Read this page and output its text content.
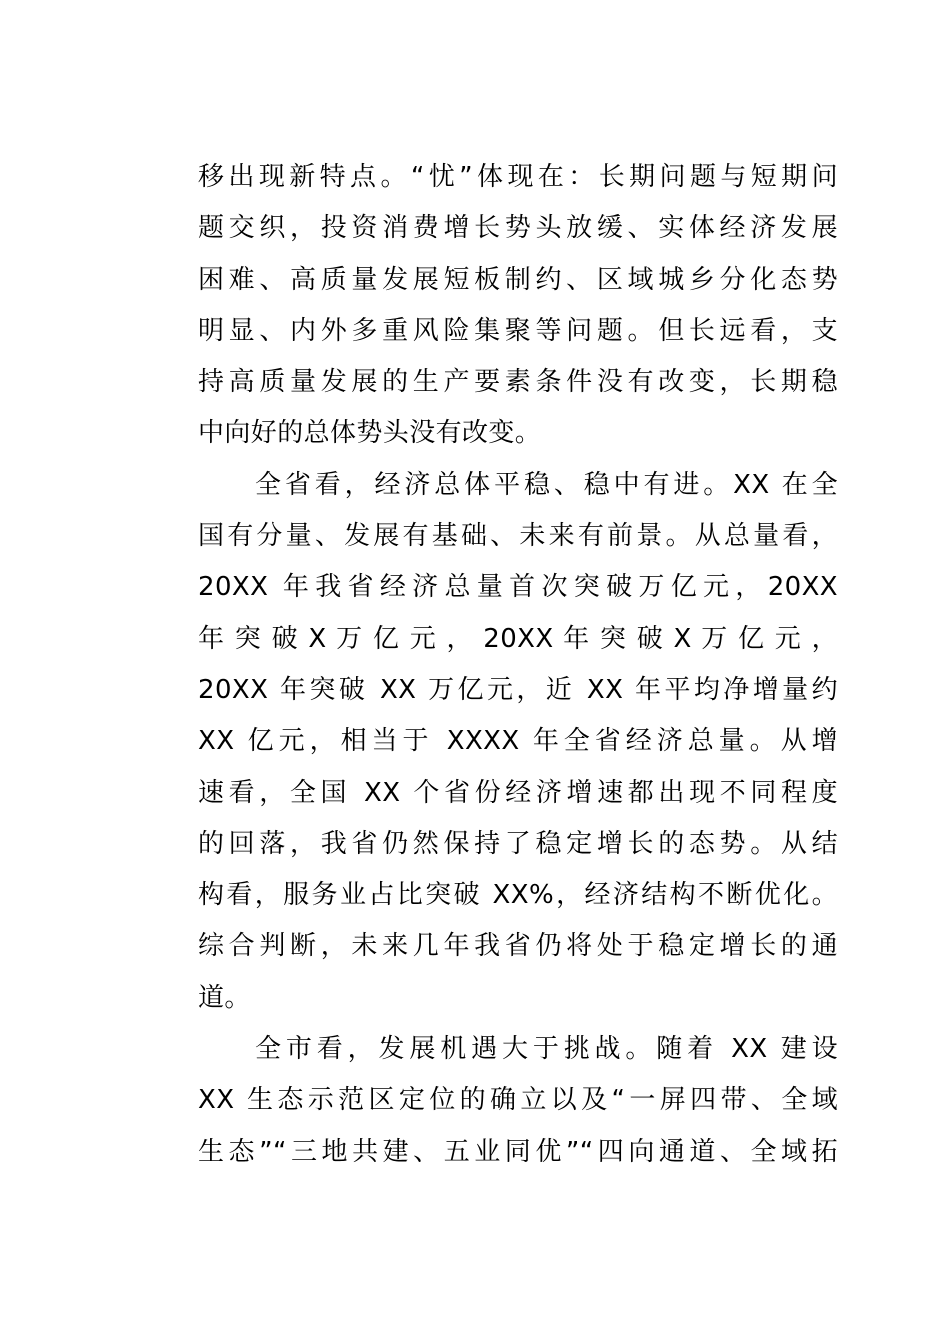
移出现新特点。“忧”体现在：长期问题与短期问
题交织，投资消费增长势头放缓、实体经济发展
困难、高质量发展短板制约、区域城乡分化态势
明显、内外多重风险集聚等问题。但长远看，支
持高质量发展的生产要素条件没有改变，长期稳
中向好的总体势头没有改变。
全省看，经济总体平稳、稳中有进。XX 在全
国有分量、发展有基础、未来有前景。从总量看，
20XX 年我省经济总量首次突破万亿元，20XX
年 突 破 X 万 亿 元 ， 20XX 年 突 破 X 万 亿 元 ，
20XX 年突破 XX 万亿元，近 XX 年平均净增量约
XX 亿元，相当于 XXXX 年全省经济总量。从增
速看，全国 XX 个省份经济增速都出现不同程度
的回落，我省仍然保持了稳定增长的态势。从结
构看，服务业占比突破 XX%，经济结构不断优化。
综合判断，未来几年我省仍将处于稳定增长的通
道。
全市看，发展机遇大于挑战。随着 XX 建设
XX 生态示范区定位的确立以及“一屏四带、全域
生态”“三地共建、五业同优”“四向通道、全域拓
